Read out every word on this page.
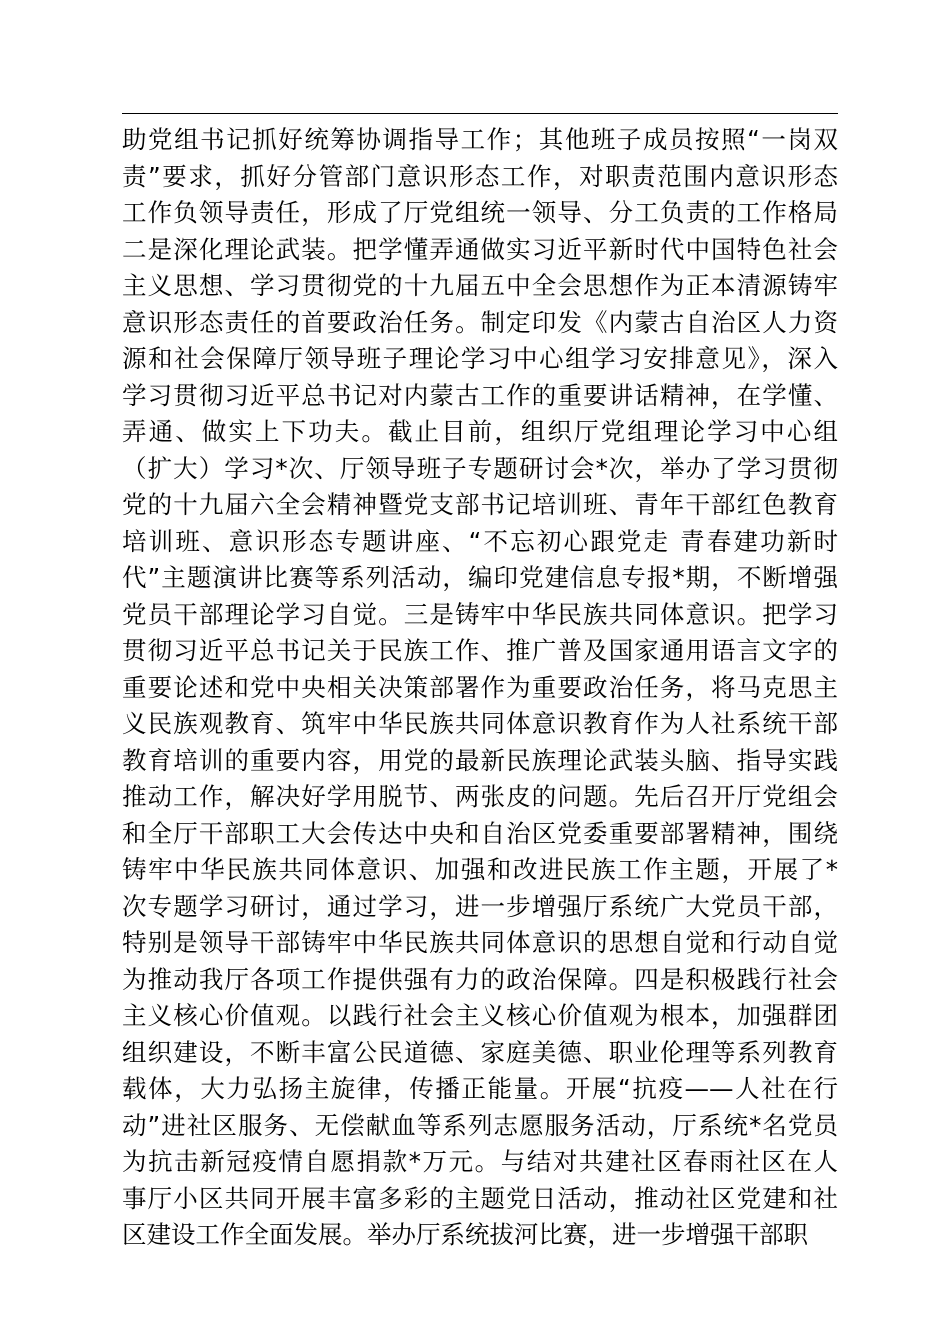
助党组书记抓好统筹协调指导工作；其他班子成员按照“一岗双
责”要求，抓好分管部门意识形态工作，对职责范围内意识形态
工作负领导责任，形成了厅党组统一领导、分工负责的工作格局
二是深化理论武装。把学懂弄通做实习近平新时代中国特色社会
主义思想、学习贯彻党的十九届五中全会思想作为正本清源铸牢
意识形态责任的首要政治任务。制定印发《内蒙古自治区人力资
源和社会保障厅领导班子理论学习中心组学习安排意见》，深入
学习贯彻习近平总书记对内蒙古工作的重要讲话精神，在学懂、
弄通、做实上下功夫。截止目前，组织厅党组理论学习中心组
（扩大）学习*次、厅领导班子专题研讨会*次，举办了学习贯彻
党的十九届六全会精神暨党支部书记培训班、青年干部红色教育
培训班、意识形态专题讲座、“不忘初心跟党走 青春建功新时
代”主题演讲比赛等系列活动，编印党建信息专报*期，不断增强
党员干部理论学习自觉。三是铸牢中华民族共同体意识。把学习
贯彻习近平总书记关于民族工作、推广普及国家通用语言文字的
重要论述和党中央相关决策部署作为重要政治任务，将马克思主
义民族观教育、筑牢中华民族共同体意识教育作为人社系统干部
教育培训的重要内容，用党的最新民族理论武装头脑、指导实践
推动工作，解决好学用脱节、两张皮的问题。先后召开厅党组会
和全厅干部职工大会传达中央和自治区党委重要部署精神，围绕
铸牢中华民族共同体意识、加强和改进民族工作主题，开展了*
次专题学习研讨，通过学习，进一步增强厅系统广大党员干部，
特别是领导干部铸牢中华民族共同体意识的思想自觉和行动自觉
为推动我厅各项工作提供强有力的政治保障。四是积极践行社会
主义核心价值观。以践行社会主义核心价值观为根本，加强群团
组织建设，不断丰富公民道德、家庭美德、职业伦理等系列教育
载体，大力弘扬主旋律，传播正能量。开展“抗疫——人社在行
动”进社区服务、无偿献血等系列志愿服务活动，厅系统*名党员
为抗击新冠疫情自愿捐款*万元。与结对共建社区春雨社区在人
事厅小区共同开展丰富多彩的主题党日活动，推动社区党建和社
区建设工作全面发展。举办厅系统拔河比赛，进一步增强干部职
